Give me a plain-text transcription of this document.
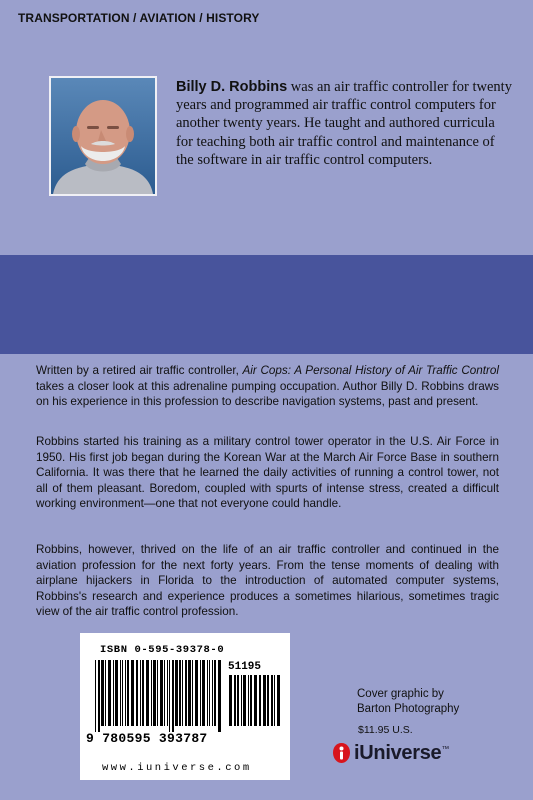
TRANSPORTATION / AVIATION / HISTORY
Billy D. Robbins was an air traffic controller for twenty years and programmed air traffic control computers for another twenty years. He taught and authored curricula for teaching both air traffic control and maintenance of the software in air traffic control computers.

Written by a retired air traffic controller, Air Cops: A Personal History of Air Traffic Control takes a closer look at this adrenaline pumping occupation. Author Billy D. Robbins draws on his experience in this profession to describe navigation systems, past and present.

Robbins started his training as a military control tower operator in the U.S. Air Force in 1950. His first job began during the Korean War at the March Air Force Base in southern California. It was there that he learned the daily activities of running a control tower, not all of them pleasant. Boredom, coupled with spurts of intense stress, created a difficult working environment—one that not everyone could handle.

Robbins, however, thrived on the life of an air traffic controller and continued in the aviation profession for the next forty years. From the tense moments of dealing with airplane hijackers in Florida to the introduction of automated computer systems, Robbins's research and experience produces a sometimes hilarious, sometimes tragic view of the air traffic control profession.

ISBN 0-595-39378-0
51195
9 780595 393787
www.iuniverse.com
Cover graphic by
Barton Photography
$11.95 U.S.
iUniverse™
